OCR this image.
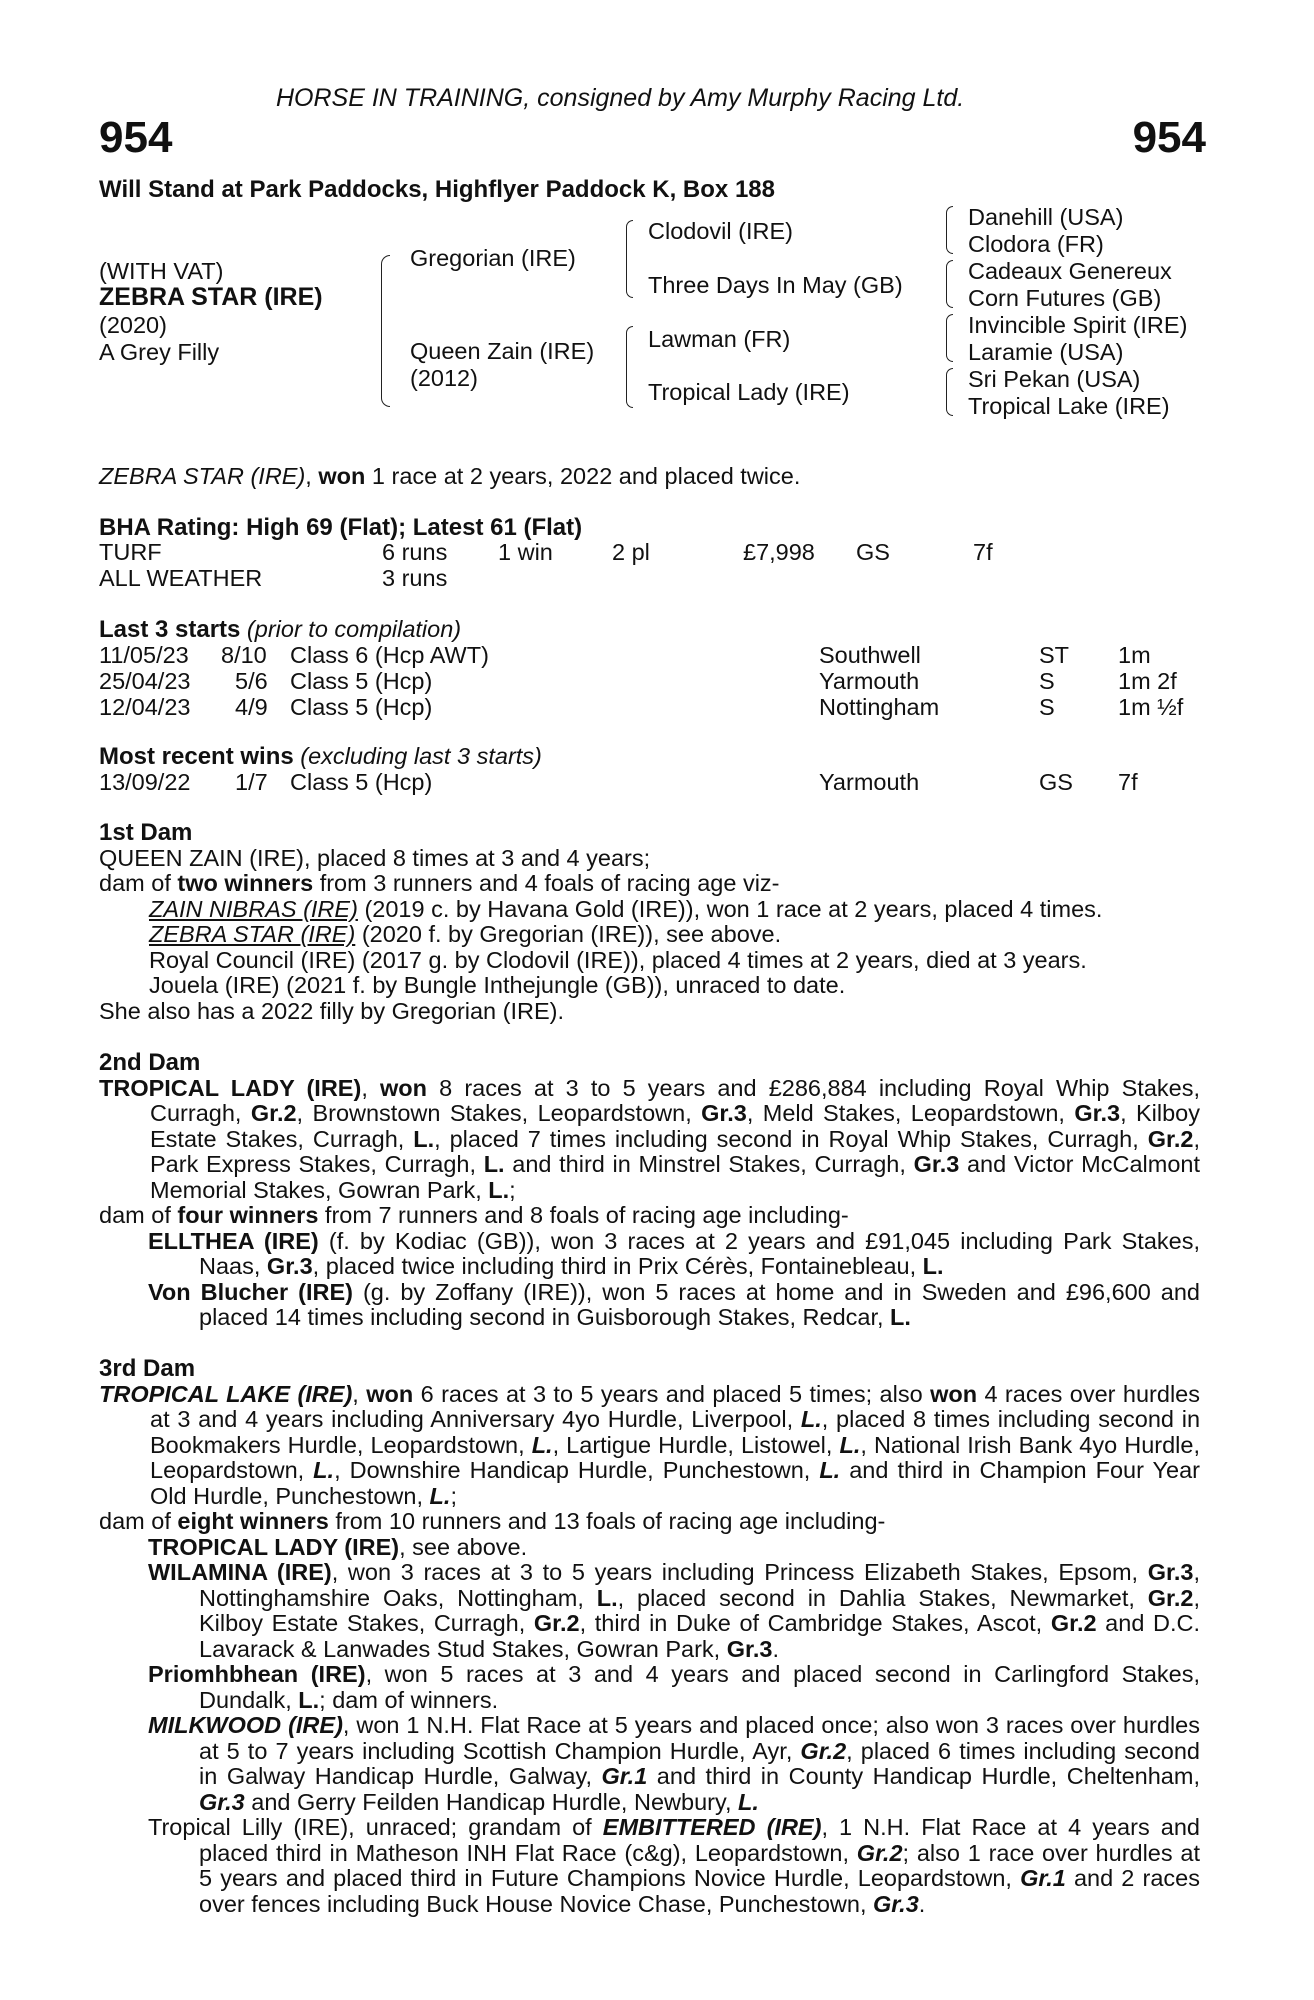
HORSE IN TRAINING, consigned by Amy Murphy Racing Ltd.
954	954
Will Stand at Park Paddocks, Highflyer Paddock K, Box 188
(WITH VAT)
ZEBRA STAR (IRE)
(2020)
A Grey Filly
Gregorian (IRE)
Queen Zain (IRE)
(2012)
Clodovil (IRE)
Three Days In May (GB)
Lawman (FR)
Tropical Lady (IRE)
Danehill (USA)
Clodora (FR)
Cadeaux Genereux
Corn Futures (GB)
Invincible Spirit (IRE)
Laramie (USA)
Sri Pekan (USA)
Tropical Lake (IRE)
ZEBRA STAR (IRE), won 1 race at 2 years, 2022 and placed twice.
BHA Rating: High 69 (Flat); Latest 61 (Flat)
TURF	6 runs 1 win	2 pl	£7,998 GS	7f
ALL WEATHER	3 runs
Last 3 starts (prior to compilation)
11/05/23 8/10 Class 6 (Hcp AWT)	Southwell	ST 1m
25/04/23 5/6 Class 5 (Hcp)	Yarmouth	S	1m 2f
12/04/23 4/9 Class 5 (Hcp)	Nottingham	S	1m ½f
Most recent wins (excluding last 3 starts)
13/09/22 1/7 Class 5 (Hcp)	Yarmouth	GS 7f

1st Dam

QUEEN ZAIN (IRE), placed 8 times at 3 and 4 years;

dam of two winners from 3 runners and 4 foals of racing age viz-

ZAIN NIBRAS (IRE) (2019 c. by Havana Gold (IRE)), won 1 race at 2 years, placed 4 times.

ZEBRA STAR (IRE) (2020 f. by Gregorian (IRE)), see above.

Royal Council (IRE) (2017 g. by Clodovil (IRE)), placed 4 times at 2 years, died at 3 years.

Jouela (IRE) (2021 f. by Bungle Inthejungle (GB)), unraced to date.

She also has a 2022 filly by Gregorian (IRE).

2nd Dam

TROPICAL LADY (IRE), won 8 races at 3 to 5 years and £286,884 including Royal Whip Stakes, Curragh, Gr.2, Brownstown Stakes, Leopardstown, Gr.3, Meld Stakes, Leopardstown, Gr.3, Kilboy Estate Stakes, Curragh, L., placed 7 times including second in Royal Whip Stakes, Curragh, Gr.2, Park Express Stakes, Curragh, L. and third in Minstrel Stakes, Curragh, Gr.3 and Victor McCalmont Memorial Stakes, Gowran Park, L.;

dam of four winners from 7 runners and 8 foals of racing age including-

ELLTHEA (IRE) (f. by Kodiac (GB)), won 3 races at 2 years and £91,045 including Park Stakes, Naas, Gr.3, placed twice including third in Prix Cérès, Fontainebleau, L.

Von Blucher (IRE) (g. by Zoffany (IRE)), won 5 races at home and in Sweden and £96,600 and placed 14 times including second in Guisborough Stakes, Redcar, L.

3rd Dam

TROPICAL LAKE (IRE), won 6 races at 3 to 5 years and placed 5 times; also won 4 races over hurdles at 3 and 4 years including Anniversary 4yo Hurdle, Liverpool, L., placed 8 times including second in Bookmakers Hurdle, Leopardstown, L., Lartigue Hurdle, Listowel, L., National Irish Bank 4yo Hurdle, Leopardstown, L., Downshire Handicap Hurdle, Punchestown, L. and third in Champion Four Year Old Hurdle, Punchestown, L.;

dam of eight winners from 10 runners and 13 foals of racing age including-

TROPICAL LADY (IRE), see above.

WILAMINA (IRE), won 3 races at 3 to 5 years including Princess Elizabeth Stakes, Epsom, Gr.3, Nottinghamshire Oaks, Nottingham, L., placed second in Dahlia Stakes, Newmarket, Gr.2, Kilboy Estate Stakes, Curragh, Gr.2, third in Duke of Cambridge Stakes, Ascot, Gr.2 and D.C. Lavarack & Lanwades Stud Stakes, Gowran Park, Gr.3.

Priomhbhean (IRE), won 5 races at 3 and 4 years and placed second in Carlingford Stakes, Dundalk, L.; dam of winners.

MILKWOOD (IRE), won 1 N.H. Flat Race at 5 years and placed once; also won 3 races over hurdles at 5 to 7 years including Scottish Champion Hurdle, Ayr, Gr.2, placed 6 times including second in Galway Handicap Hurdle, Galway, Gr.1 and third in County Handicap Hurdle, Cheltenham, Gr.3 and Gerry Feilden Handicap Hurdle, Newbury, L.

Tropical Lilly (IRE), unraced; grandam of EMBITTERED (IRE), 1 N.H. Flat Race at 4 years and placed third in Matheson INH Flat Race (c&g), Leopardstown, Gr.2; also 1 race over hurdles at 5 years and placed third in Future Champions Novice Hurdle, Leopardstown, Gr.1 and 2 races over fences including Buck House Novice Chase, Punchestown, Gr.3.
